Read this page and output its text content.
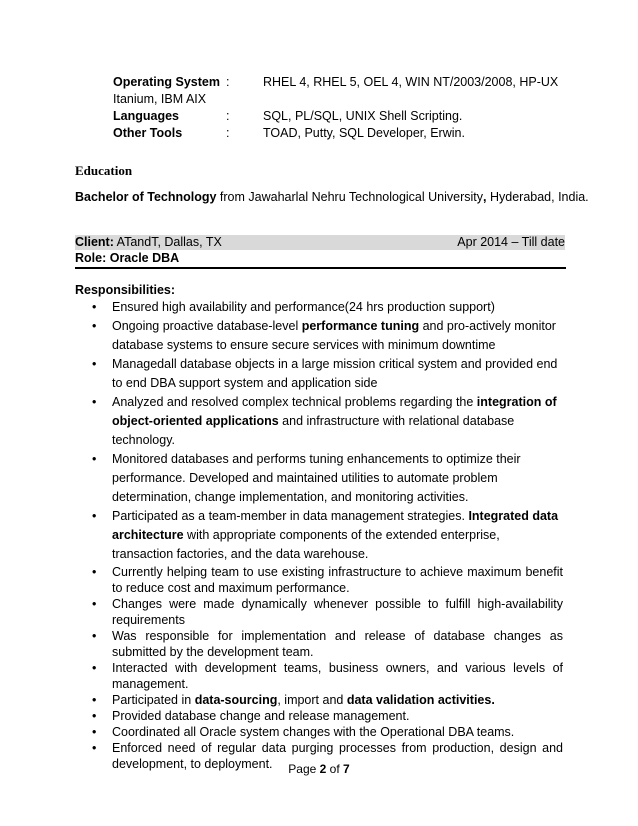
Operating System :	RHEL 4, RHEL 5, OEL 4, WIN NT/2003/2008, HP-UX
Itanium, IBM AIX
Languages	:	SQL, PL/SQL, UNIX Shell Scripting.
Other Tools	:	TOAD, Putty, SQL Developer, Erwin.
Education
Bachelor of Technology from Jawaharlal Nehru Technological University, Hyderabad, India.
Client: ATandT, Dallas, TX	Apr 2014 – Till date
Role: Oracle DBA
Responsibilities:
• Ensured high availability and performance(24 hrs production support)
• Ongoing proactive database-level performance tuning and pro-actively monitor database systems to ensure secure services with minimum downtime
• Managedall database objects in a large mission critical system and provided end to end DBA support system and application side
• Analyzed and resolved complex technical problems regarding the integration of object-oriented applications and infrastructure with relational database technology.
• Monitored databases and performs tuning enhancements to optimize their performance. Developed and maintained utilities to automate problem determination, change implementation, and monitoring activities.
• Participated as a team-member in data management strategies. Integrated data architecture with appropriate components of the extended enterprise, transaction factories, and the data warehouse.
• Currently helping team to use existing infrastructure to achieve maximum benefit to reduce cost and maximum performance.
• Changes were made dynamically whenever possible to fulfill high-availability requirements
• Was responsible for implementation and release of database changes as submitted by the development team.
• Interacted with development teams, business owners, and various levels of management.
• Participated in data-sourcing, import and data validation activities.
• Provided database change and release management.
• Coordinated all Oracle system changes with the Operational DBA teams.
• Enforced need of regular data purging processes from production, design and development, to deployment.	Page 2 of 7
